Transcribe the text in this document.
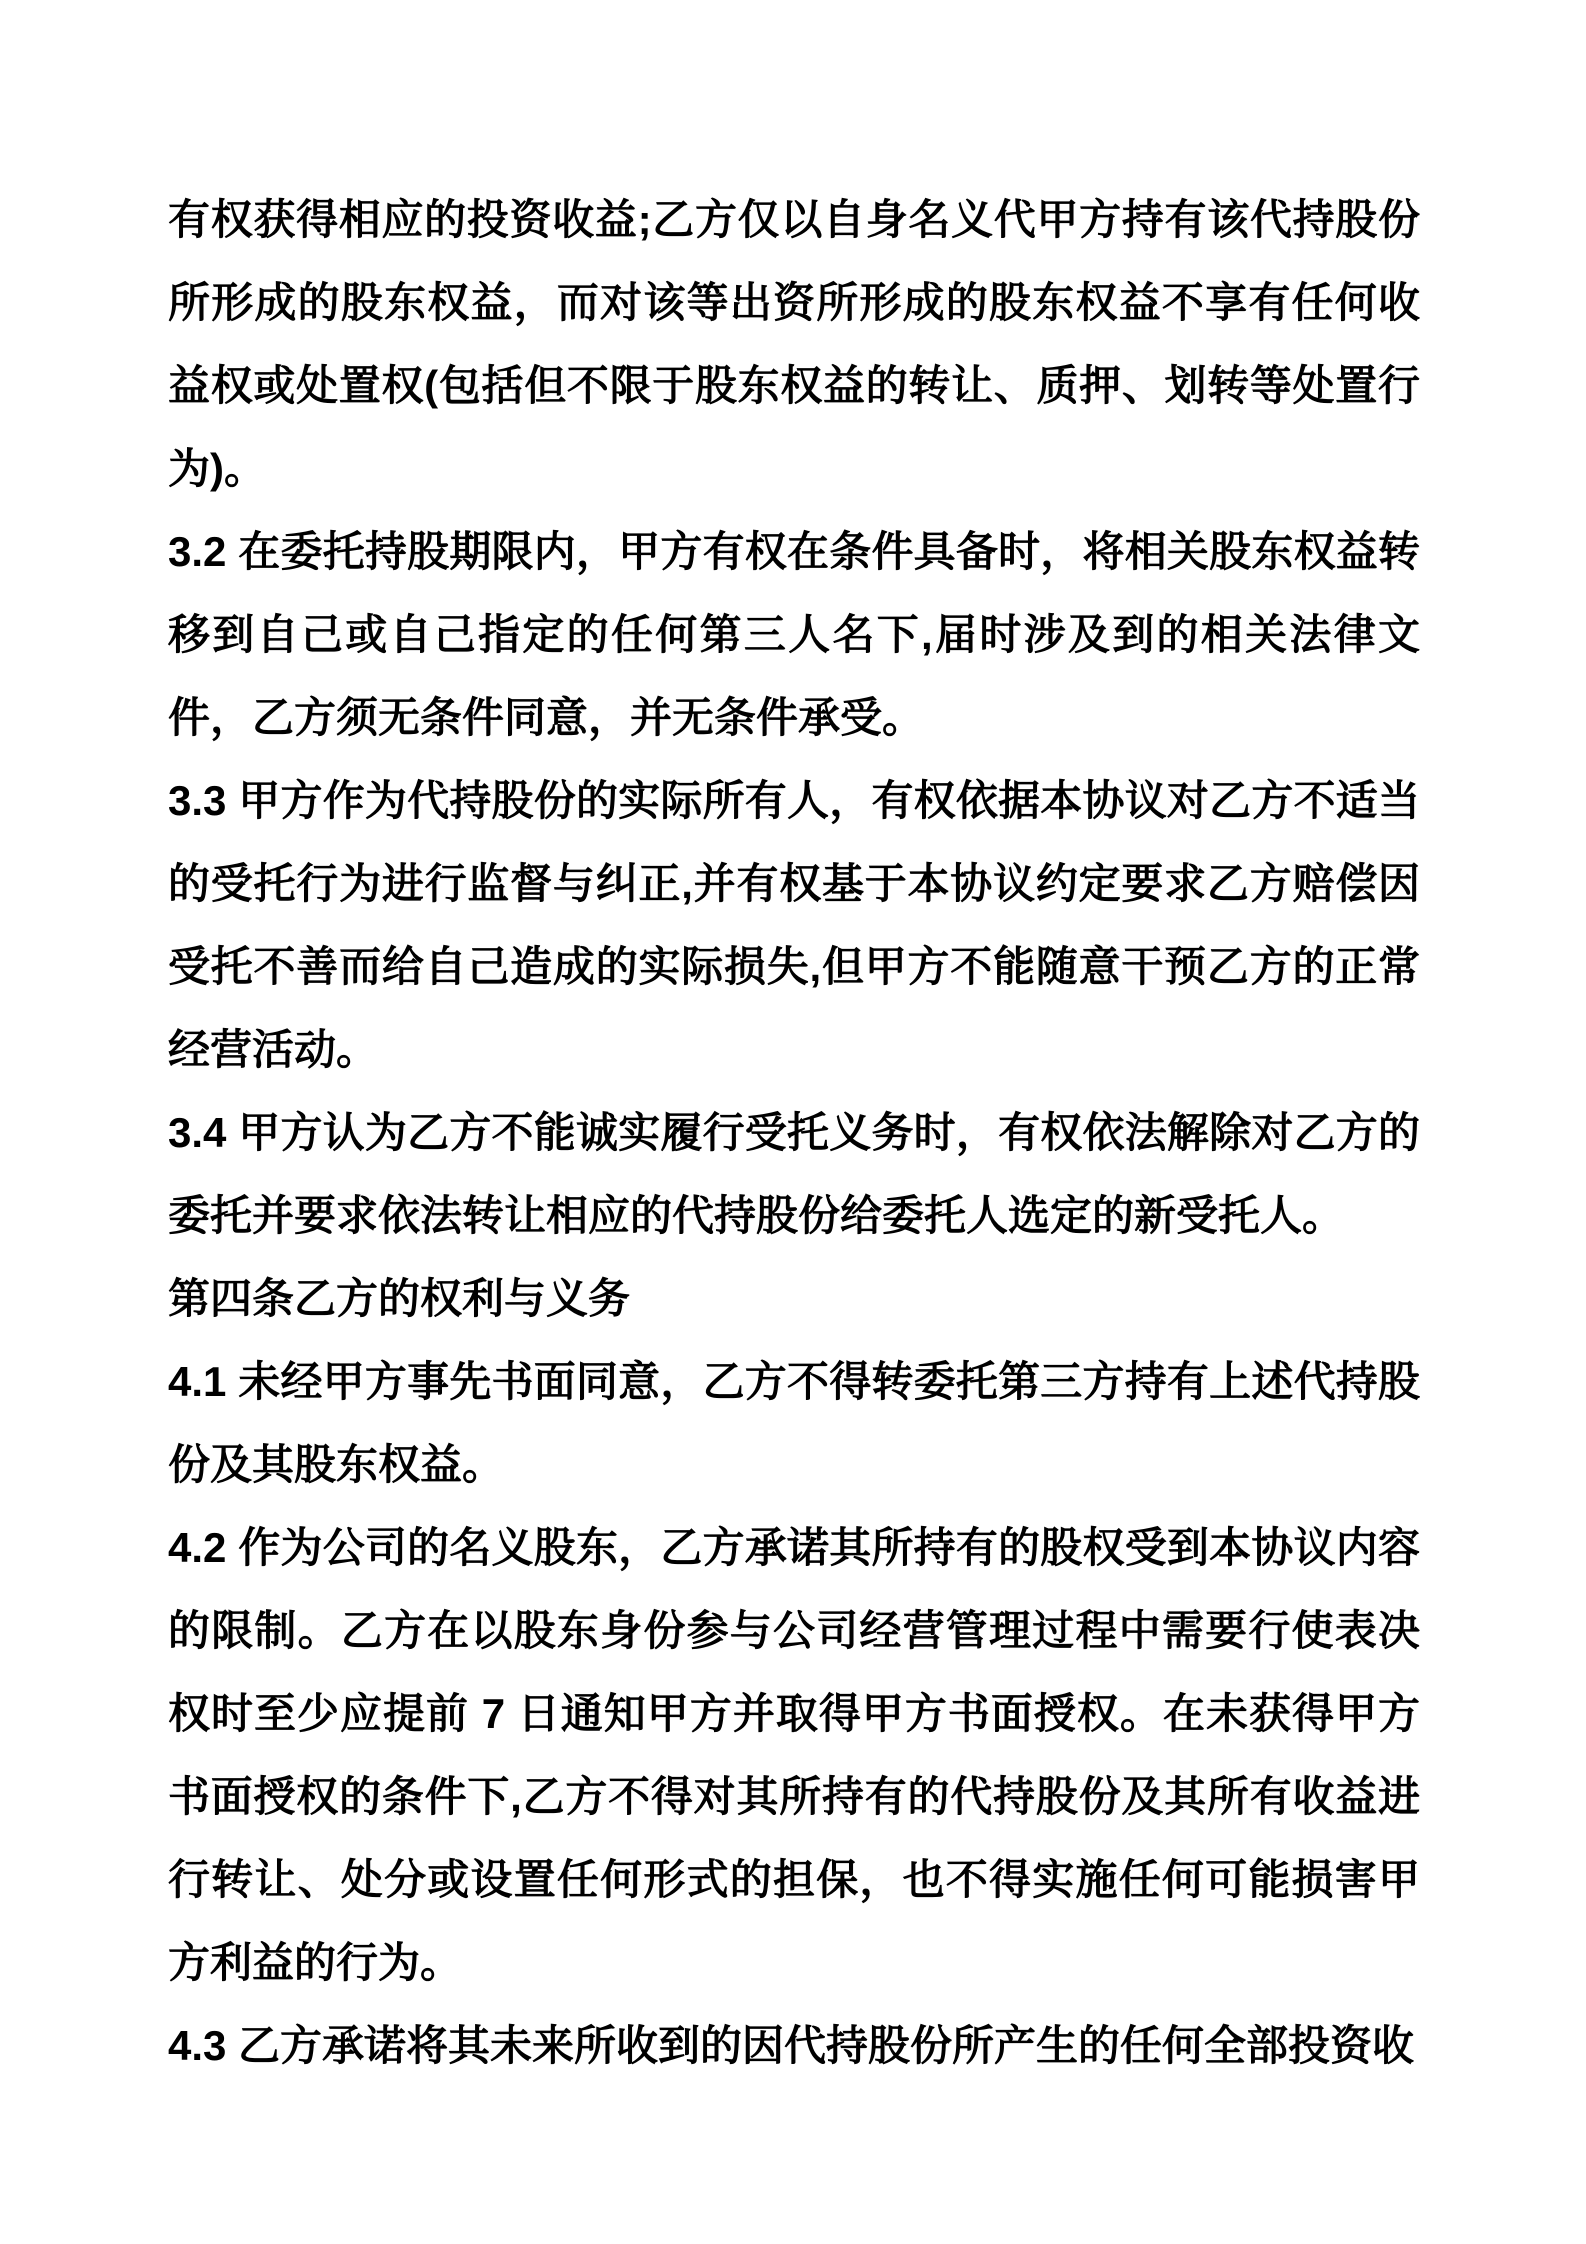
有权获得相应的投资收益;乙方仅以自身名义代甲方持有该代持股份所形成的股东权益，而对该等出资所形成的股东权益不享有任何收益权或处置权(包括但不限于股东权益的转让、质押、划转等处置行为)。

3.2 在委托持股期限内，甲方有权在条件具备时，将相关股东权益转移到自己或自己指定的任何第三人名下,届时涉及到的相关法律文件，乙方须无条件同意，并无条件承受。

3.3 甲方作为代持股份的实际所有人，有权依据本协议对乙方不适当的受托行为进行监督与纠正,并有权基于本协议约定要求乙方赔偿因受托不善而给自己造成的实际损失,但甲方不能随意干预乙方的正常经营活动。

3.4 甲方认为乙方不能诚实履行受托义务时，有权依法解除对乙方的委托并要求依法转让相应的代持股份给委托人选定的新受托人。

第四条乙方的权利与义务

4.1 未经甲方事先书面同意，乙方不得转委托第三方持有上述代持股份及其股东权益。

4.2 作为公司的名义股东，乙方承诺其所持有的股权受到本协议内容的限制。乙方在以股东身份参与公司经营管理过程中需要行使表决权时至少应提前 7 日通知甲方并取得甲方书面授权。在未获得甲方书面授权的条件下,乙方不得对其所持有的代持股份及其所有收益进行转让、处分或设置任何形式的担保，也不得实施任何可能损害甲方利益的行为。

4.3 乙方承诺将其未来所收到的因代持股份所产生的任何全部投资收
